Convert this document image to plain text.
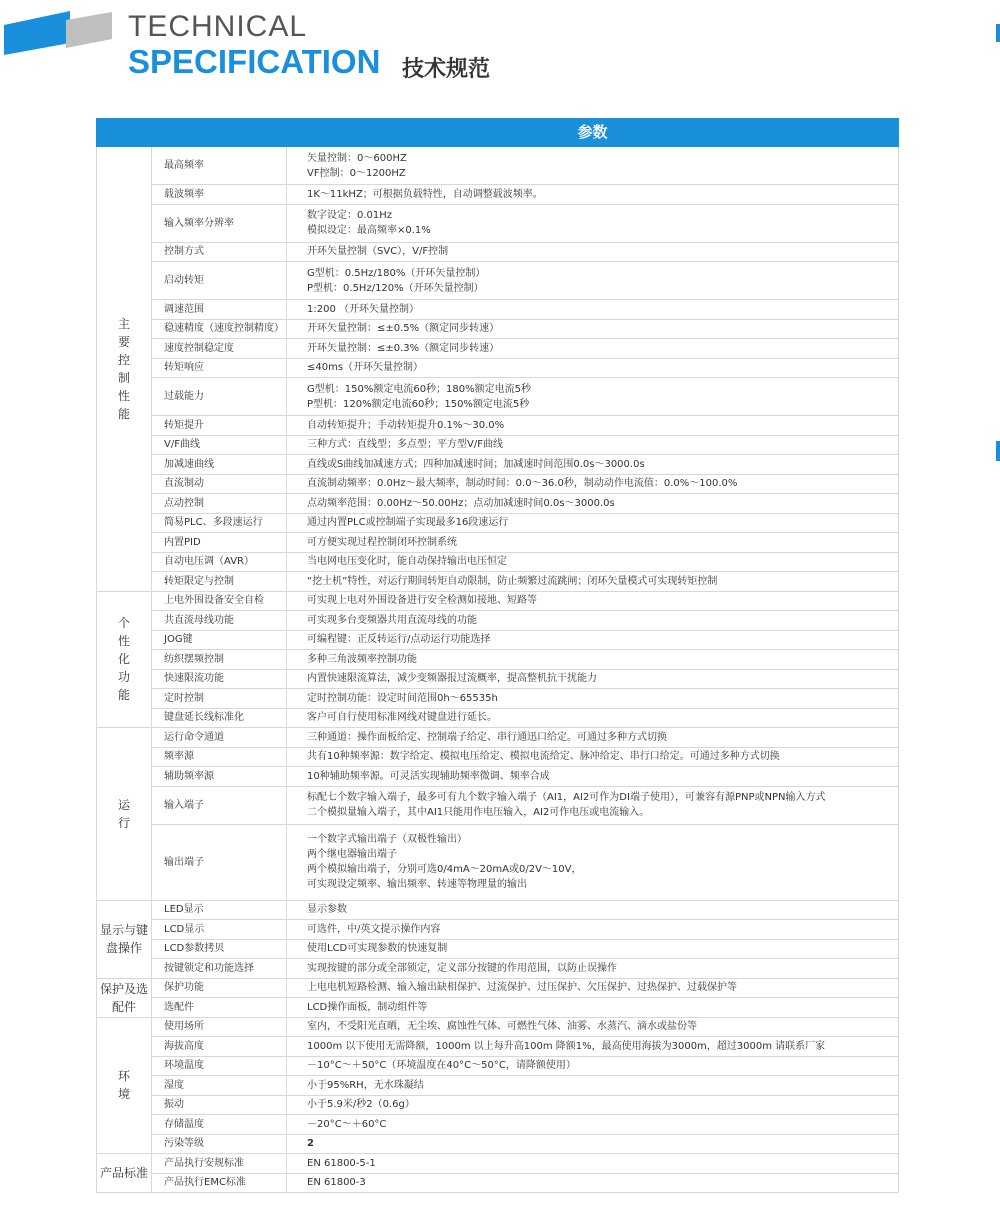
TECHNICAL
SPECIFICATION 技术规范
		参数
主要控制性能	最高频率	矢量控制：0～600HZ
VF控制：0～1200HZ

	载波频率	1K～11kHZ；可根据负载特性，自动调整载波频率。

	输入频率分辨率	数字设定：0.01Hz
模拟设定：最高频率×0.1%

	控制方式	开环矢量控制（SVC），V/F控制

	启动转矩	G型机：0.5Hz/180%（开环矢量控制）
P型机：0.5Hz/120%（开环矢量控制）

	调速范围	1:200 （开环矢量控制）

	稳速精度（速度控制精度）	开环矢量控制：≤±0.5%（额定同步转速）

	速度控制稳定度	开环矢量控制：≤±0.3%（额定同步转速）

	转矩响应	≤40ms（开环矢量控制）

	过载能力	G型机：150%额定电流60秒；180%额定电流5秒
P型机：120%额定电流60秒；150%额定电流5秒

	转矩提升	自动转矩提升；手动转矩提升0.1%～30.0%

	V/F曲线	三种方式：直线型；多点型；平方型V/F曲线

	加减速曲线	直线或S曲线加减速方式；四种加减速时间；加减速时间范围0.0s～3000.0s

	直流制动	直流制动频率：0.0Hz～最大频率，制动时间：0.0～36.0秒，制动动作电流值：0.0%～100.0%

	点动控制	点动频率范围：0.00Hz～50.00Hz；点动加减速时间0.0s～3000.0s

	简易PLC、多段速运行	通过内置PLC或控制端子实现最多16段速运行

	内置PID	可方便实现过程控制闭环控制系统

	自动电压调（AVR）	当电网电压变化时，能自动保持输出电压恒定

	转矩限定与控制	“挖土机”特性，对运行期间转矩自动限制，防止频繁过流跳闸；闭环矢量模式可实现转矩控制

个性化功能	上电外围设备安全自检	可实现上电对外围设备进行安全检测如接地、短路等

	共直流母线功能	可实现多台变频器共用直流母线的功能

	JOG键	可编程键：正反转运行/点动运行功能选择

	纺织摆频控制	多种三角波频率控制功能

	快速限流功能	内置快速限流算法，减少变频器报过流概率，提高整机抗干扰能力

	定时控制	定时控制功能：设定时间范围0h～65535h

	键盘延长线标准化	客户可自行使用标准网线对键盘进行延长。

运行	运行命令通道	三种通道：操作面板给定、控制端子给定、串行通迅口给定。可通过多种方式切换

	频率源	共有10种频率源：数字给定、模拟电压给定、模拟电流给定、脉冲给定、串行口给定。可通过多种方式切换

	辅助频率源	10种辅助频率源。可灵活实现辅助频率微调、频率合成

	输入端子	标配七个数字输入端子，最多可有九个数字输入端子（AI1，AI2可作为DI端子使用），可兼容有源PNP或NPN输入方式
二个模拟量输入端子，其中AI1只能用作电压输入，AI2可作电压或电流输入。

	输出端子	一个数字式输出端子（双极性输出）
两个继电器输出端子
两个模拟输出端子，分别可选0/4mA～20mA或0/2V～10V，
可实现设定频率、输出频率、转速等物理量的输出

显示与键盘操作	LED显示	显示参数

	LCD显示	可选件，中/英文提示操作内容

	LCD参数拷贝	使用LCD可实现参数的快速复制

	按键锁定和功能选择	实现按键的部分或全部锁定，定义部分按键的作用范围，以防止误操作

保护及选配件	保护功能	上电电机短路检测、输入输出缺相保护、过流保护、过压保护、欠压保护、过热保护、过载保护等

	选配件	LCD操作面板，制动组件等

环境	使用场所	室内，不受阳光直晒，无尘埃、腐蚀性气体、可燃性气体、油雾、水蒸汽、滴水或盐份等

	海拔高度	1000m 以下使用无需降额，1000m 以上每升高100m 降额1%，最高使用海拔为3000m，超过3000m 请联系厂家

	环境温度	－10°C～＋50°C（环境温度在40°C～50°C，请降额使用）

	湿度	小于95%RH，无水珠凝结

	振动	小于5.9米/秒2（0.6g）

	存储温度	－20°C～＋60°C

	污染等级	2

产品标准	产品执行安规标准	EN 61800-5-1

	产品执行EMC标准	EN 61800-3
